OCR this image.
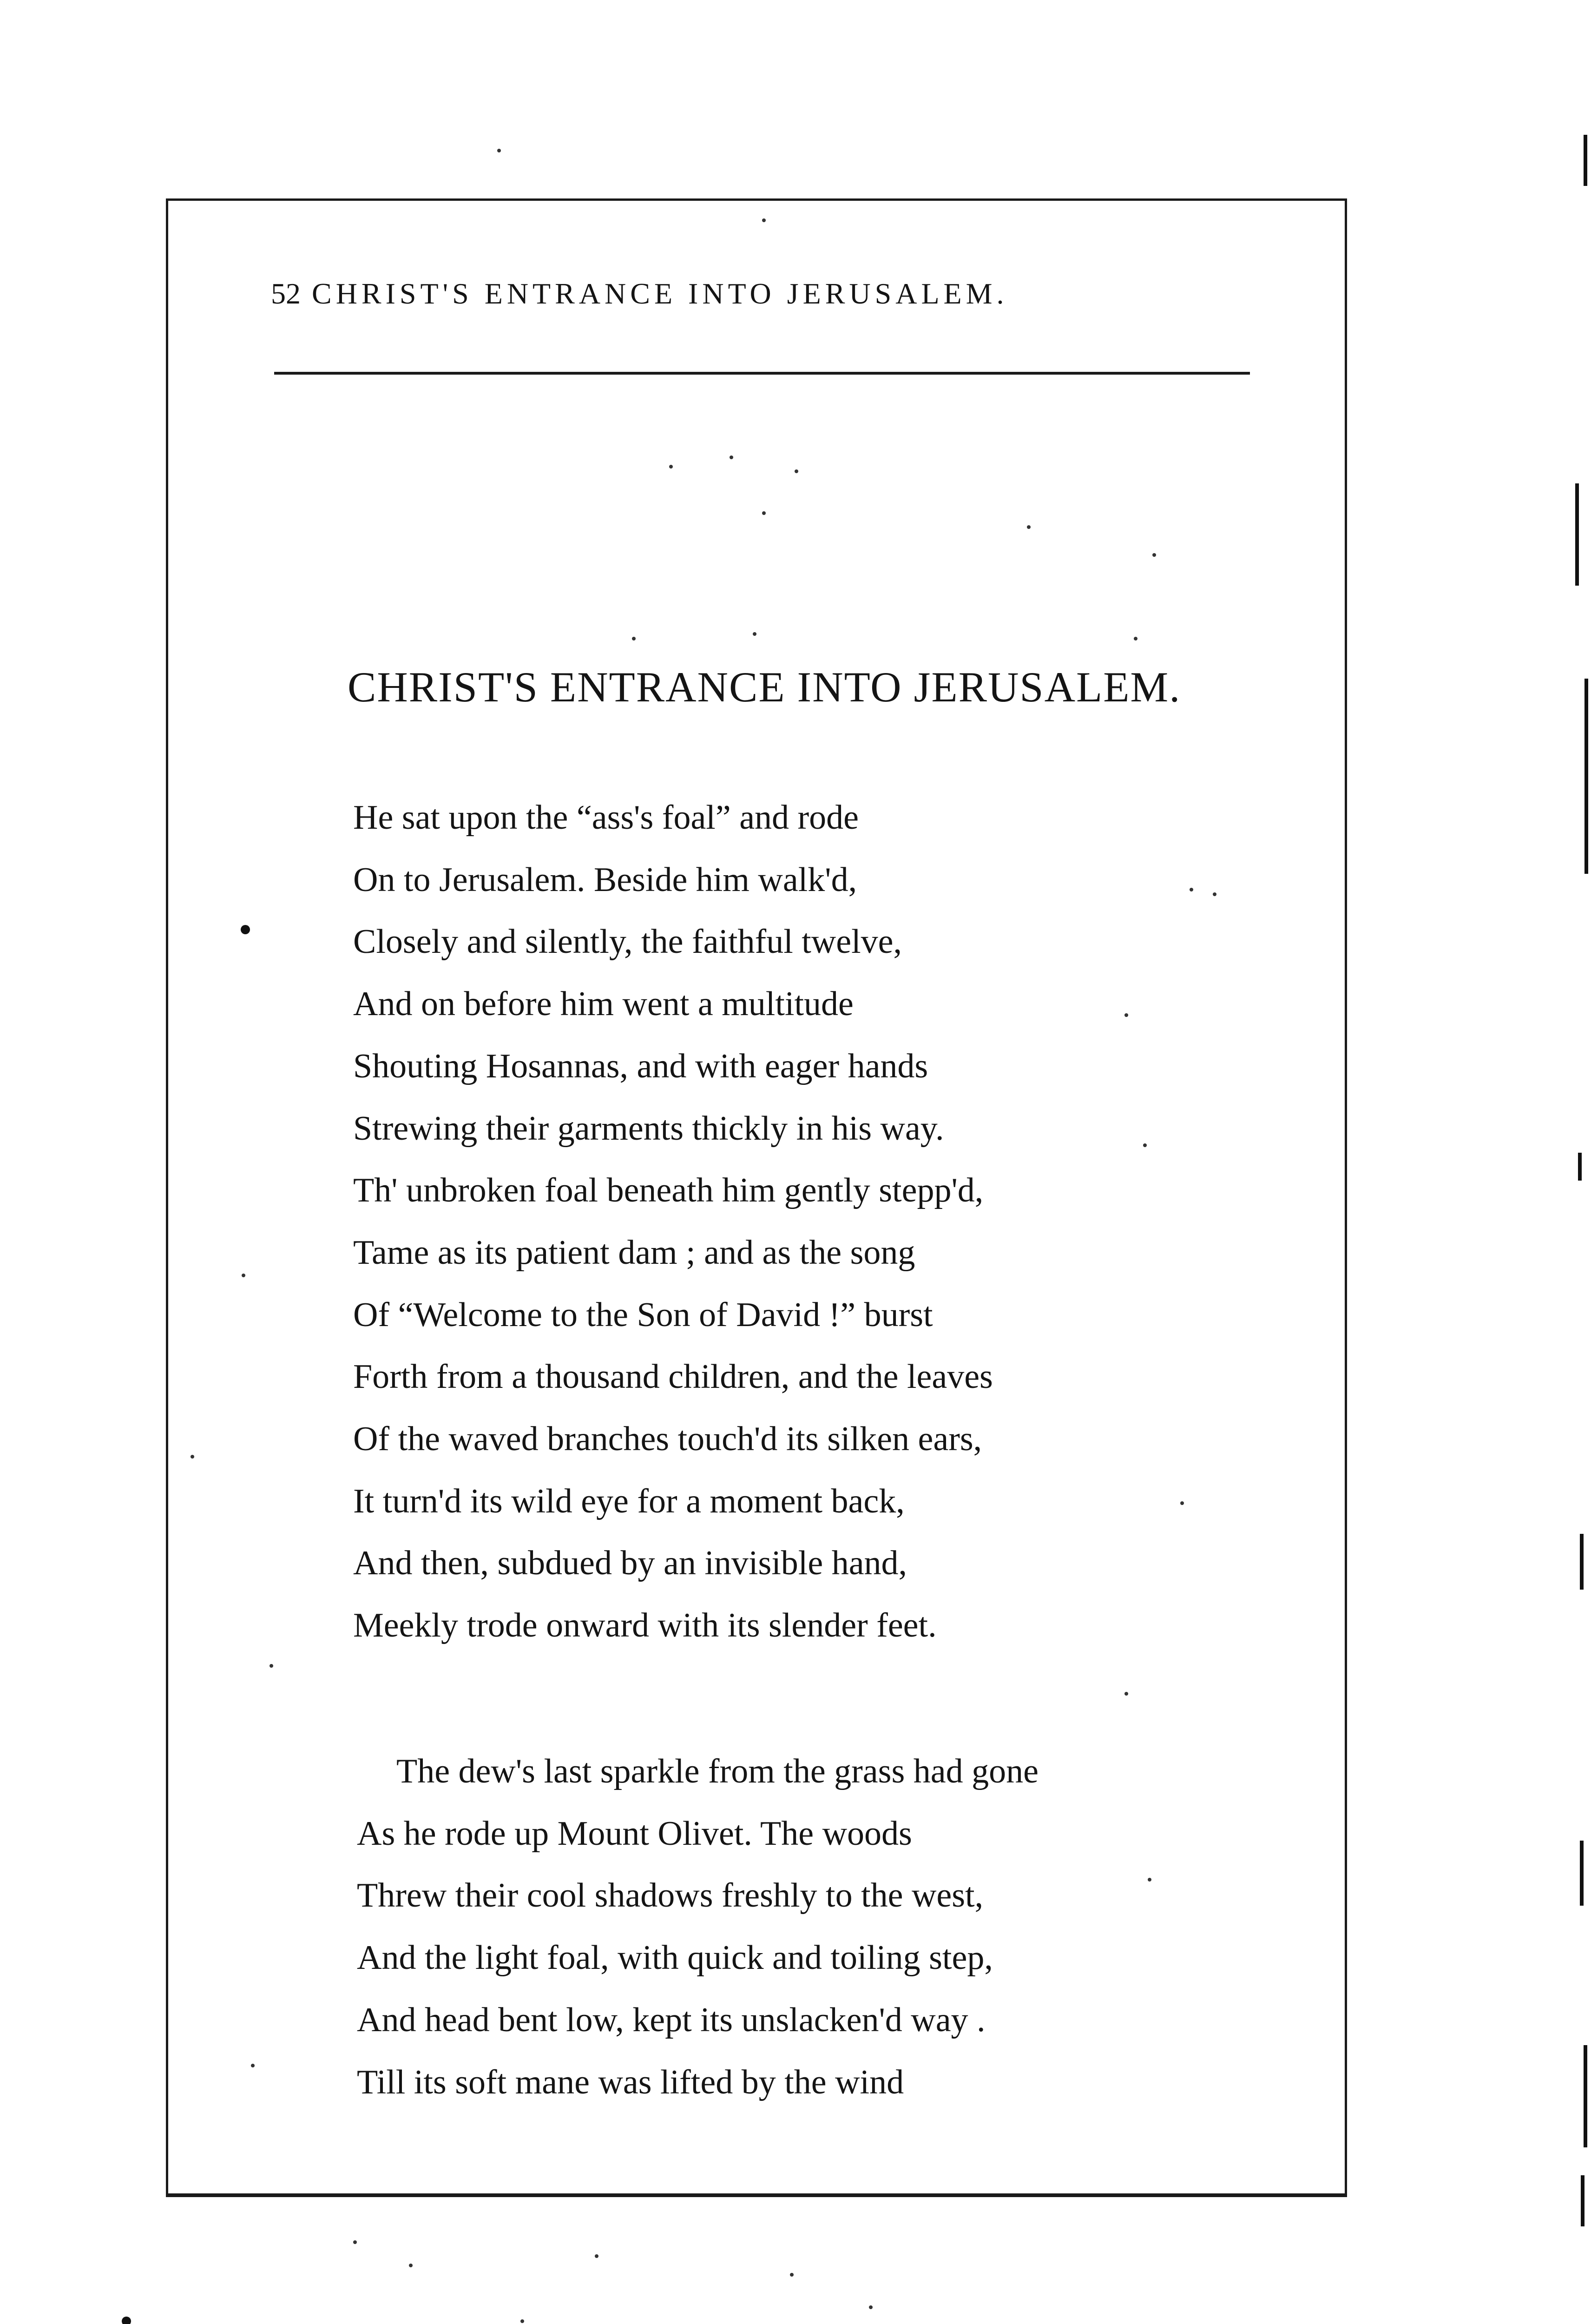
52 CHRIST'S ENTRANCE INTO JERUSALEM.
CHRIST'S ENTRANCE INTO JERUSALEM.
He sat upon the “ass's foal” and rode
On to Jerusalem. Beside him walk'd,
Closely and silently, the faithful twelve,
And on before him went a multitude
Shouting Hosannas, and with eager hands
Strewing their garments thickly in his way.
Th' unbroken foal beneath him gently stepp'd,
Tame as its patient dam ; and as the song
Of “Welcome to the Son of David !” burst
Forth from a thousand children, and the leaves
Of the waved branches touch'd its silken ears,
It turn'd its wild eye for a moment back,
And then, subdued by an invisible hand,
Meekly trode onward with its slender feet.
The dew's last sparkle from the grass had gone
As he rode up Mount Olivet. The woods
Threw their cool shadows freshly to the west,
And the light foal, with quick and toiling step,
And head bent low, kept its unslacken'd way .
Till its soft mane was lifted by the wind
